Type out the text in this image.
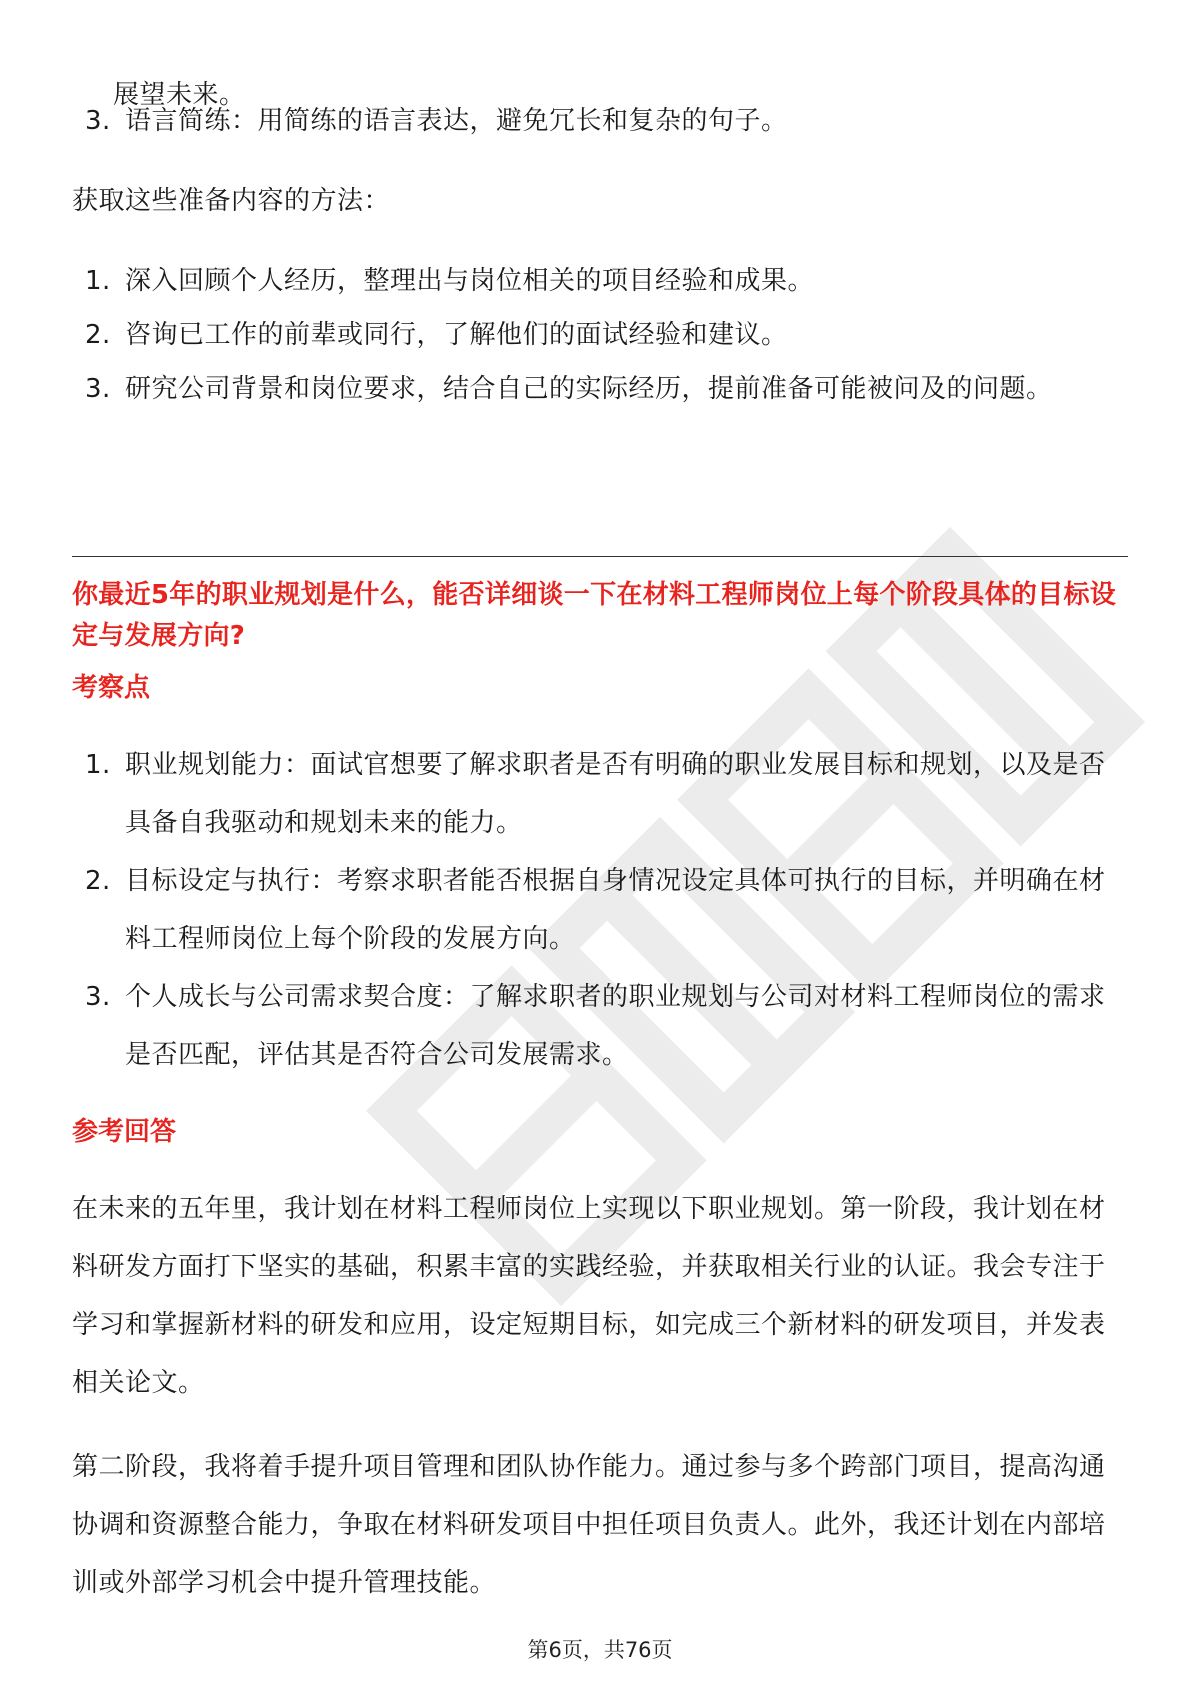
展望未来。

3. 语言简练：用简练的语言表达，避免冗长和复杂的句子。

获取这些准备内容的方法：

1. 深入回顾个人经历，整理出与岗位相关的项目经验和成果。
2. 咨询已工作的前辈或同行，了解他们的面试经验和建议。
3. 研究公司背景和岗位要求，结合自己的实际经历，提前准备可能被问及的问题。

你最近5年的职业规划是什么，能否详细谈一下在材料工程师岗位上每个阶段具体的目标设定与发展方向?

考察点

1. 职业规划能力：面试官想要了解求职者是否有明确的职业发展目标和规划，以及是否具备自我驱动和规划未来的能力。
2. 目标设定与执行：考察求职者能否根据自身情况设定具体可执行的目标，并明确在材料工程师岗位上每个阶段的发展方向。
3. 个人成长与公司需求契合度：了解求职者的职业规划与公司对材料工程师岗位的需求是否匹配，评估其是否符合公司发展需求。

参考回答

在未来的五年里，我计划在材料工程师岗位上实现以下职业规划。第一阶段，我计划在材料研发方面打下坚实的基础，积累丰富的实践经验，并获取相关行业的认证。我会专注于学习和掌握新材料的研发和应用，设定短期目标，如完成三个新材料的研发项目，并发表相关论文。

第二阶段，我将着手提升项目管理和团队协作能力。通过参与多个跨部门项目，提高沟通协调和资源整合能力，争取在材料研发项目中担任项目负责人。此外，我还计划在内部培训或外部学习机会中提升管理技能。

第6页，共76页
